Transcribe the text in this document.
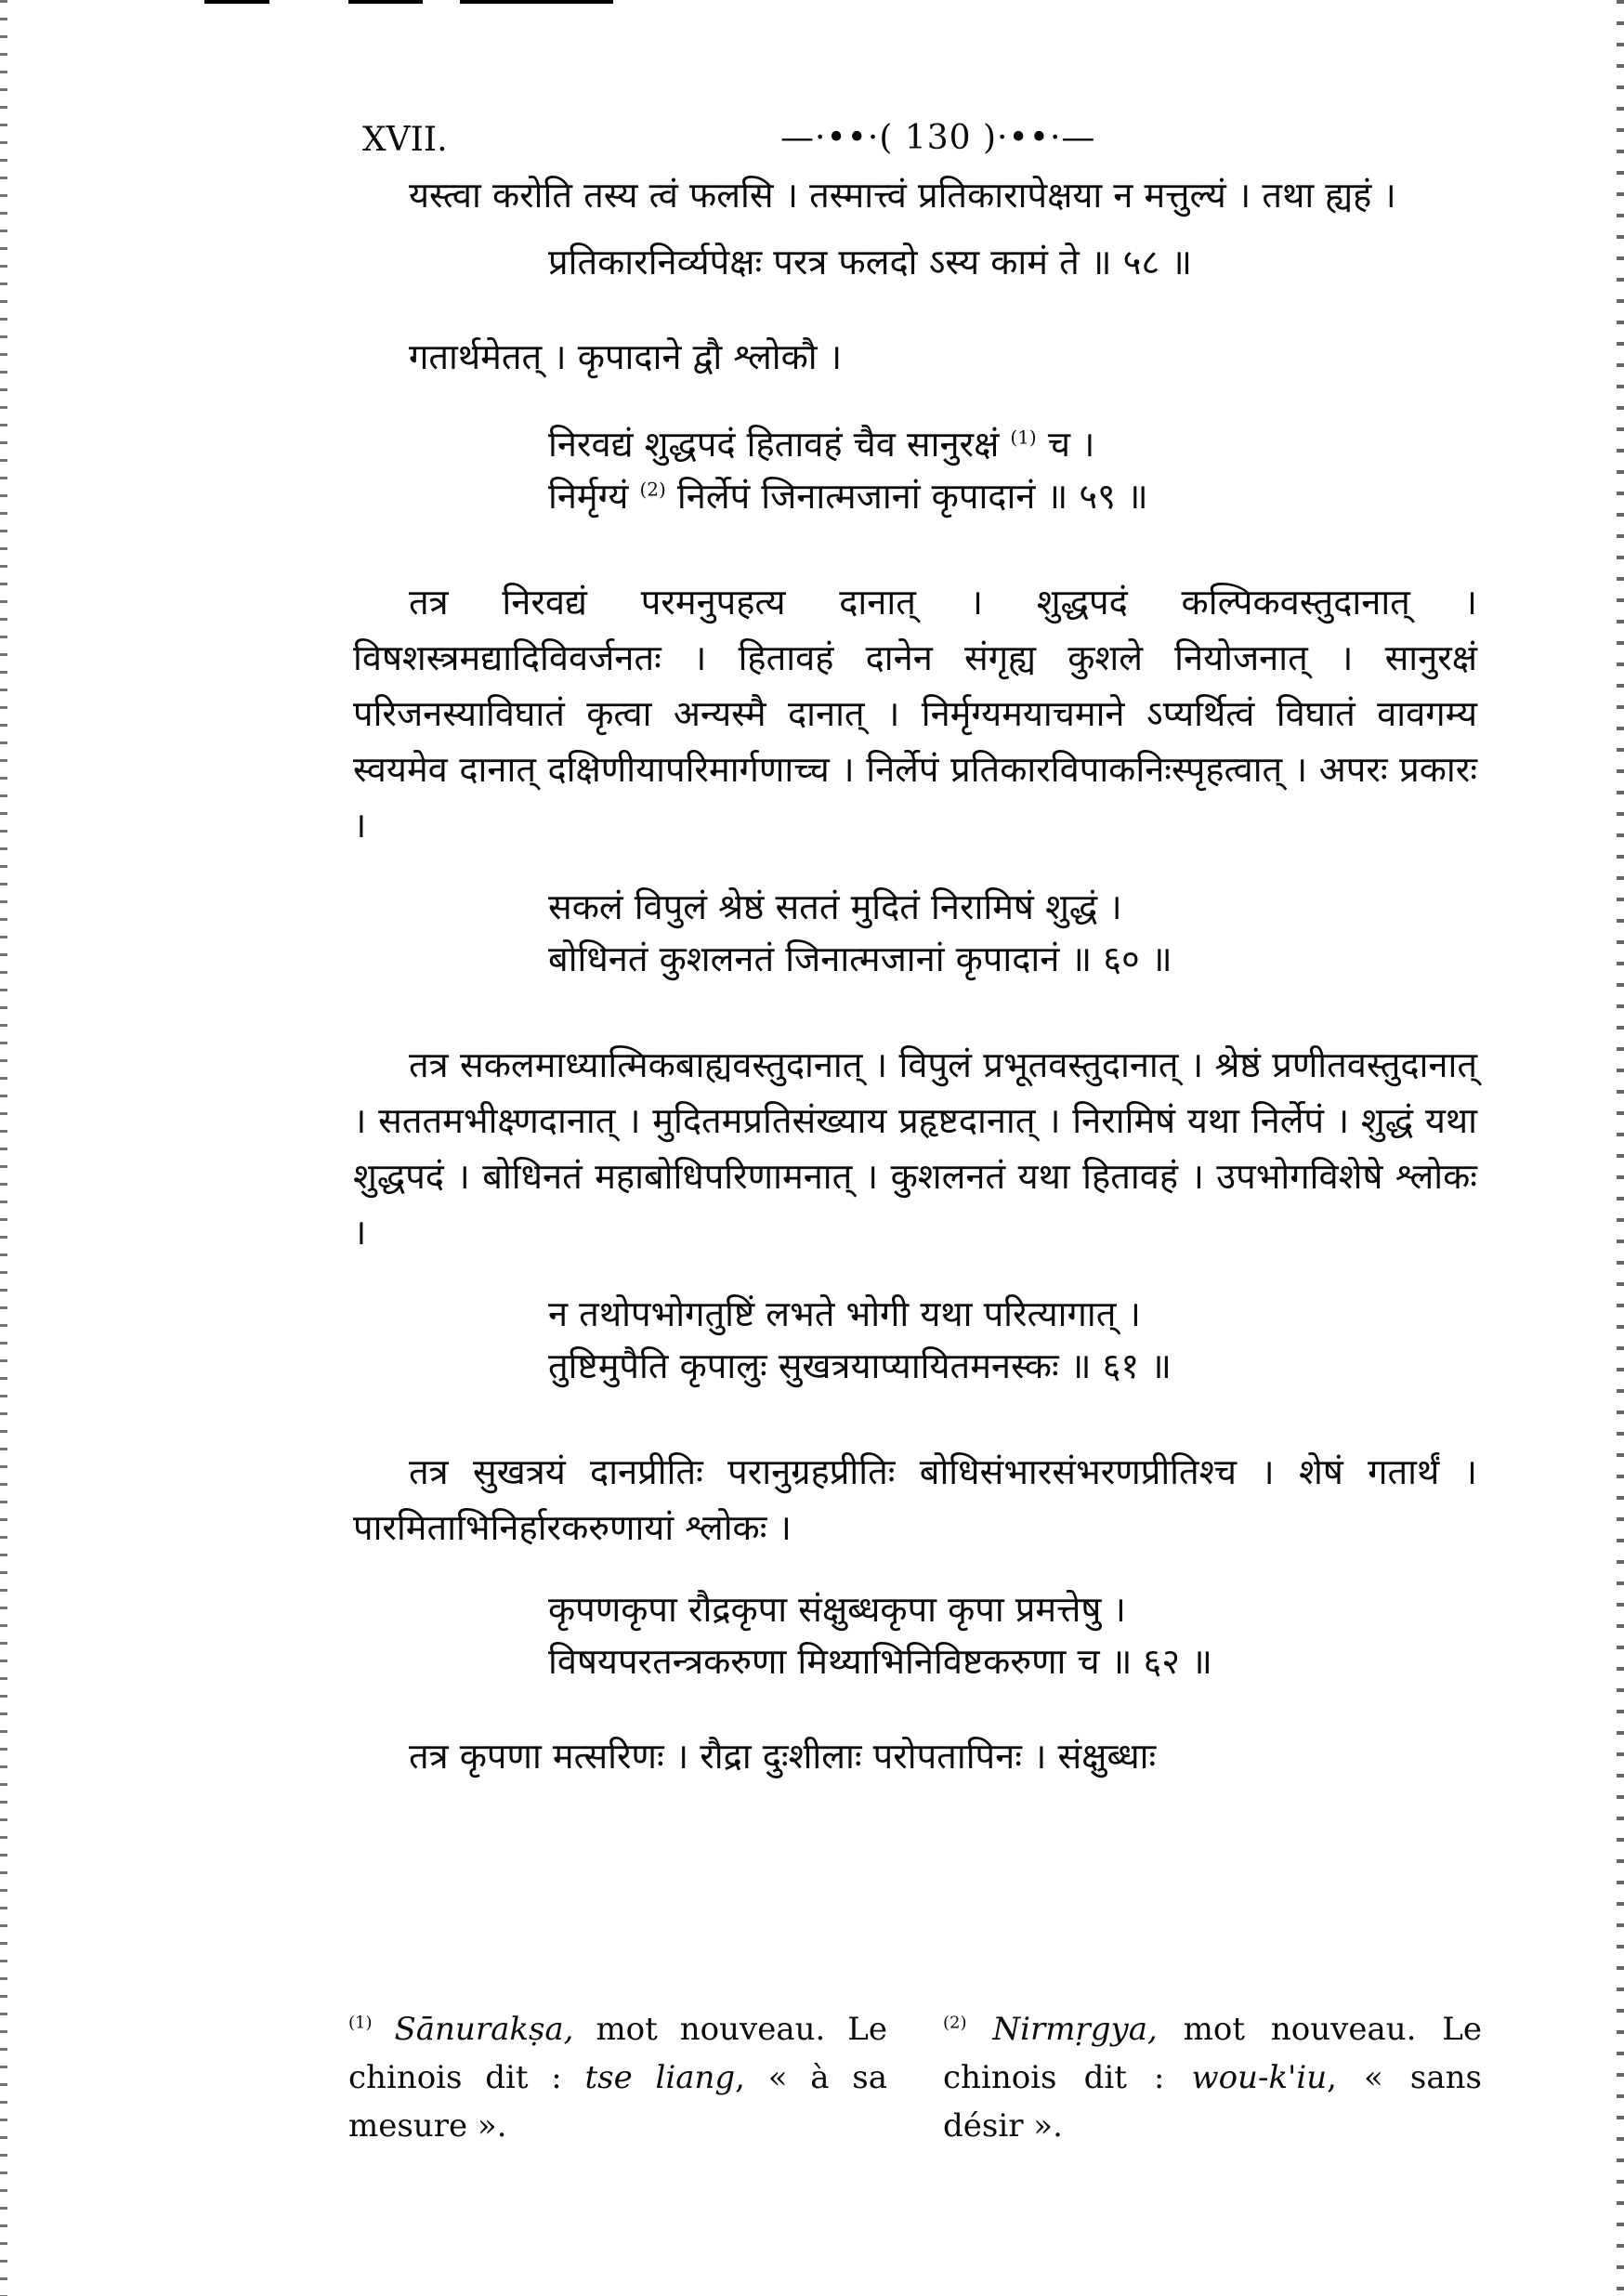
XVII.	—·••·( 130 )·••·—

यस्त्वा करोति तस्य त्वं फलसि । तस्मात्त्वं प्रतिकारापेक्षया न मत्तुल्यं । तथा ह्यहं ।

प्रतिकारनिर्व्यपेक्षः परत्र फलदो ऽस्य कामं ते ॥ ५८ ॥

गतार्थमेतत् । कृपादाने द्वौ श्लोकौ ।

निरवद्यं शुद्धपदं हितावहं चैव सानुरक्षं $^{(1)}$ च ।

निर्मृग्यं $^{(2)}$ निर्लेपं जिनात्मजानां कृपादानं ॥ ५९ ॥

तत्र निरवद्यं परमनुपहत्य दानात् । शुद्धपदं कल्पिकवस्तुदानात् । विषशस्त्रमद्यादिविवर्जनतः । हितावहं दानेन संगृह्य कुशले नियोजनात् । सानुरक्षं परिजनस्याविघातं कृत्वा अन्यस्मै दानात् । निर्मृग्यमयाचमाने ऽप्यर्थित्वं विघातं वावगम्य स्वयमेव दानात् दक्षिणीयापरिमार्गणाच्च । निर्लेपं प्रतिकारविपाकनिःस्पृहत्वात् । अपरः प्रकारः ।

सकलं विपुलं श्रेष्ठं सततं मुदितं निरामिषं शुद्धं ।

बोधिनतं कुशलनतं जिनात्मजानां कृपादानं ॥ ६० ॥

तत्र सकलमाध्यात्मिकबाह्यवस्तुदानात् । विपुलं प्रभूतवस्तुदानात् । श्रेष्ठं प्रणीतवस्तुदानात् । सततमभीक्ष्णदानात् । मुदितमप्रतिसंख्याय प्रहृष्टदानात् । निरामिषं यथा निर्लेपं । शुद्धं यथा शुद्धपदं । बोधिनतं महाबोधिपरिणामनात् । कुशलनतं यथा हितावहं । उपभोगविशेषे श्लोकः ।

न तथोपभोगतुष्टिं लभते भोगी यथा परित्यागात् ।

तुष्टिमुपैति कृपालुः सुखत्रयाप्यायितमनस्कः ॥ ६१ ॥

तत्र सुखत्रयं दानप्रीतिः परानुग्रहप्रीतिः बोधिसंभारसंभरणप्रीतिश्च । शेषं गतार्थं । पारमिताभिनिर्हारकरुणायां श्लोकः ।

कृपणकृपा रौद्रकृपा संक्षुब्धकृपा कृपा प्रमत्तेषु ।

विषयपरतन्त्रकरुणा मिथ्याभिनिविष्टकरुणा च ॥ ६२ ॥

तत्र कृपणा मत्सरिणः । रौद्रा दुःशीलाः परोपतापिनः । संक्षुब्धाः

$^{(1)}$ Sānurakṣa, mot nouveau. Le chinois dit : tse liang, « à sa mesure ».
$^{(2)}$ Nirmṛgya, mot nouveau. Le chinois dit : wou-k'iu, « sans désir ».
